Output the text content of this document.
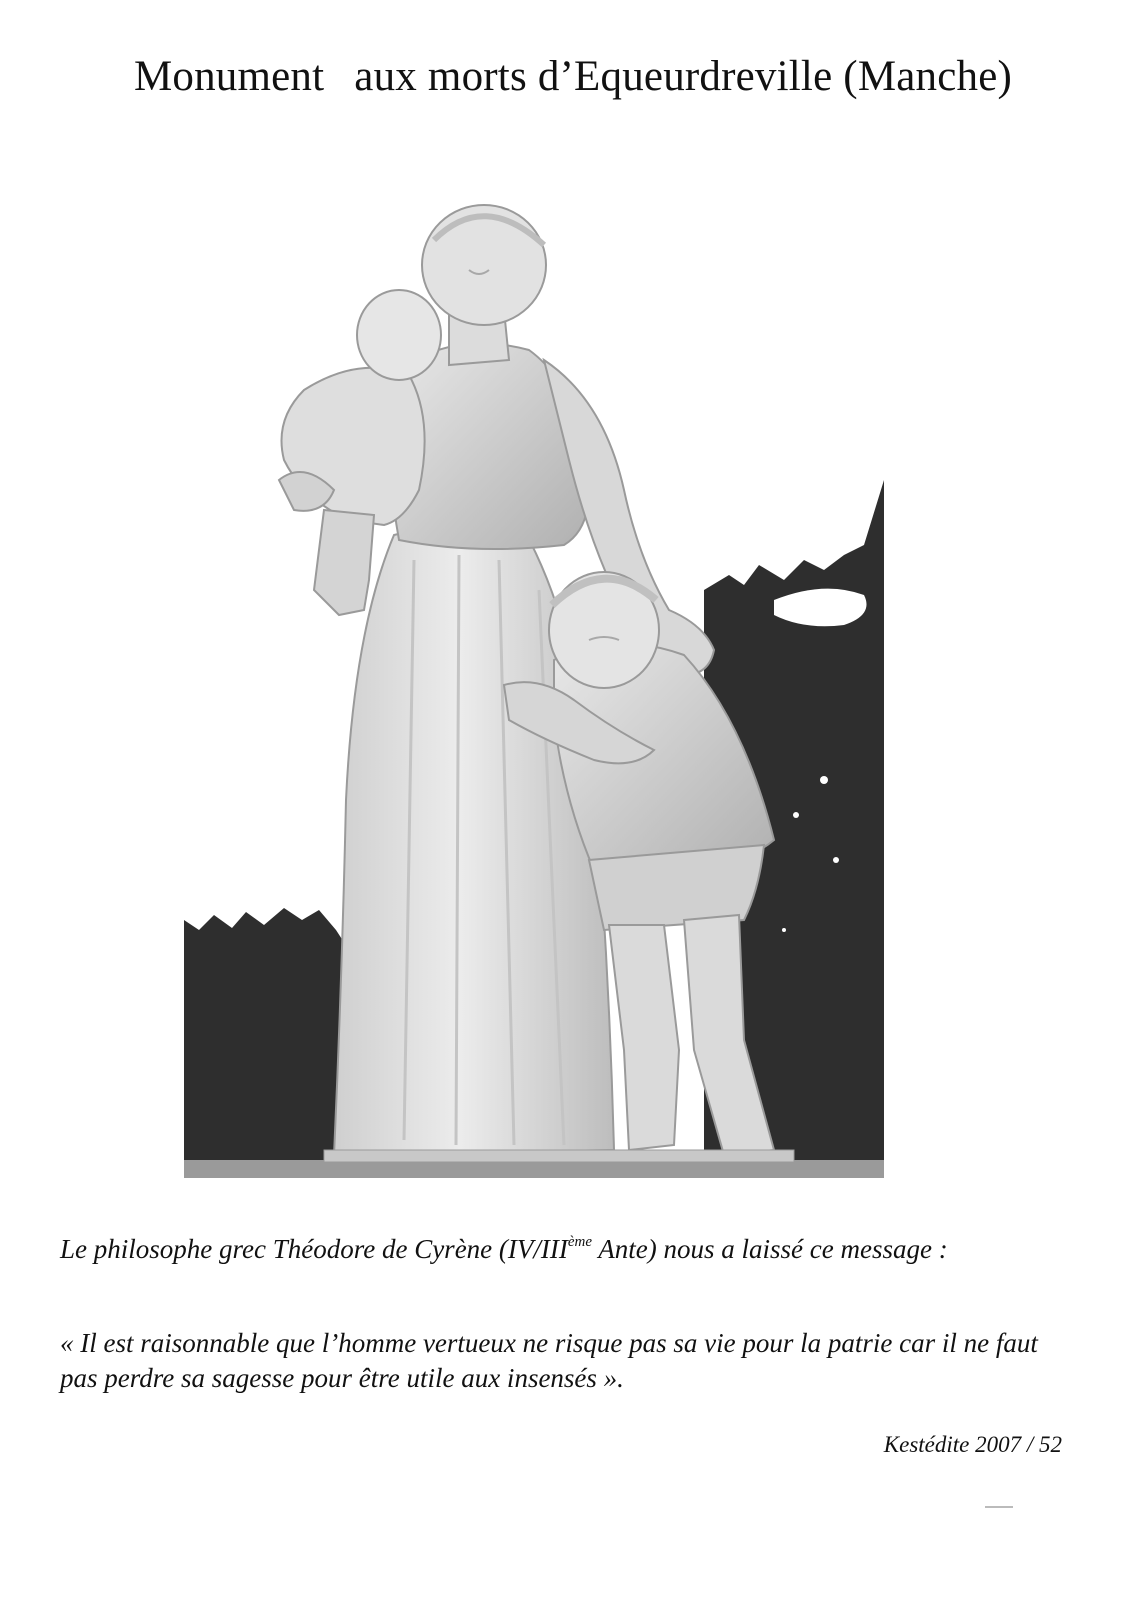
Monument aux morts d’Equeurdreville (Manche)
Le philosophe grec Théodore de Cyrène (IV/IIIème Ante) nous a laissé ce message :
« Il est raisonnable que l’homme vertueux ne risque pas sa vie pour la patrie car il ne faut pas perdre sa sagesse pour être utile aux insensés ».
Kestédite 2007 / 52
